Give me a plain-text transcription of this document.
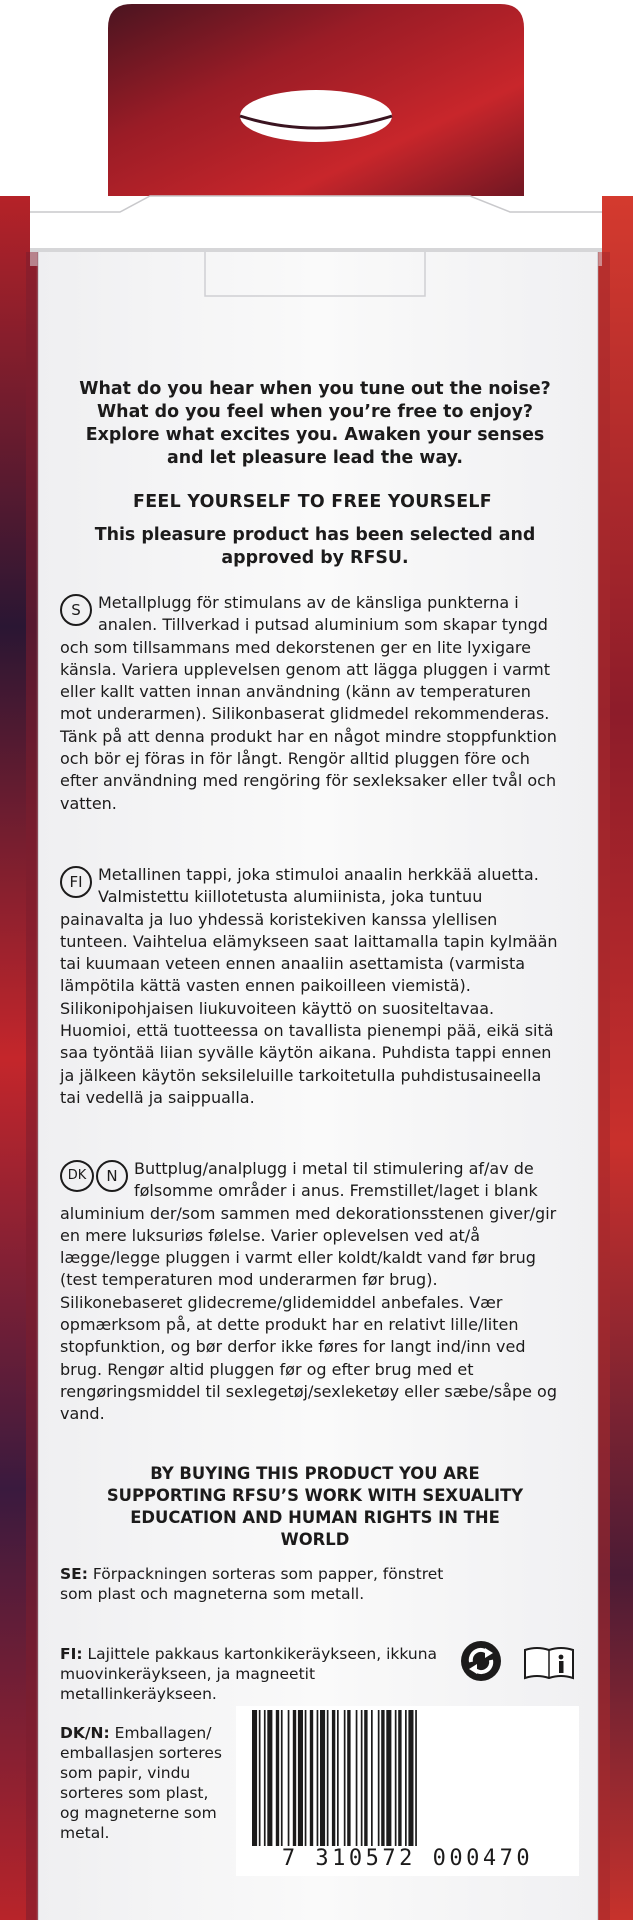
What do you hear when you tune out the noise? What do you feel when you’re free to enjoy? Explore what excites you. Awaken your senses and let pleasure lead the way.
FEEL YOURSELF TO FREE YOURSELF
This pleasure product has been selected and approved by RFSU.
S	Metallplugg för stimulans av de känsliga punkterna i analen. Tillverkad i putsad aluminium som skapar tyngd och som tillsammans med dekorstenen ger en lite lyxigare känsla. Variera upplevelsen genom att lägga pluggen i varmt eller kallt vatten innan användning (känn av temperaturen mot underarmen). Silikonbaserat glidmedel rekommenderas. Tänk på att denna produkt har en något mindre stoppfunktion och bör ej föras in för långt. Rengör alltid pluggen före och efter användning med rengöring för sexleksaker eller tvål och vatten.
FI Metallinen tappi, joka stimuloi anaalin herkkää aluetta. Valmistettu kiillotetusta alumiinista, joka tuntuu painavalta ja luo yhdessä koristekiven kanssa ylellisen tunteen. Vaihtelua elämykseen saat laittamalla tapin kylmään tai kuumaan veteen ennen anaaliin asettamista (varmista lämpötila kättä vasten ennen paikoilleen viemistä). Silikonipohjaisen liukuvoiteen käyttö on suositeltavaa. Huomioi, että tuotteessa on tavallista pienempi pää, eikä sitä saa työntää liian syvälle käytön aikana. Puhdista tappi ennen ja jälkeen käytön seksileluille tarkoitetulla puhdistusaineella tai vedellä ja saippualla.
DK	N	Buttplug/analplugg i metal til stimulering af/av de følsomme områder i anus. Fremstillet/laget i blank aluminium der/som sammen med dekorationsstenen giver/gir en mere luksuriøs følelse. Varier oplevelsen ved at/å lægge/legge pluggen i varmt eller koldt/kaldt vand før brug (test temperaturen mod underarmen før brug). Silikonebaseret glidecreme/glidemiddel anbefales. Vær opmærksom på, at dette produkt har en relativt lille/liten stopfunktion, og bør derfor ikke føres for langt ind/inn ved brug. Rengør altid pluggen før og efter brug med et rengøringsmiddel til sexlegetøj/sexleketøy eller sæbe/såpe og vand.
BY BUYING THIS PRODUCT YOU ARE SUPPORTING RFSU’S WORK WITH SEXUALITY EDUCATION AND HUMAN RIGHTS IN THE WORLD
SE: Förpackningen sorteras som papper, fönstret som plast och magneterna som metall.
FI: Lajittele pakkaus kartonkikeräykseen, ikkuna muovinkeräykseen, ja magneetit metallinkeräykseen.
DK/N: Emballagen/ emballasjen sorteres som papir, vindu sorteres som plast, og magneterne som metal.
7 310572 000470
